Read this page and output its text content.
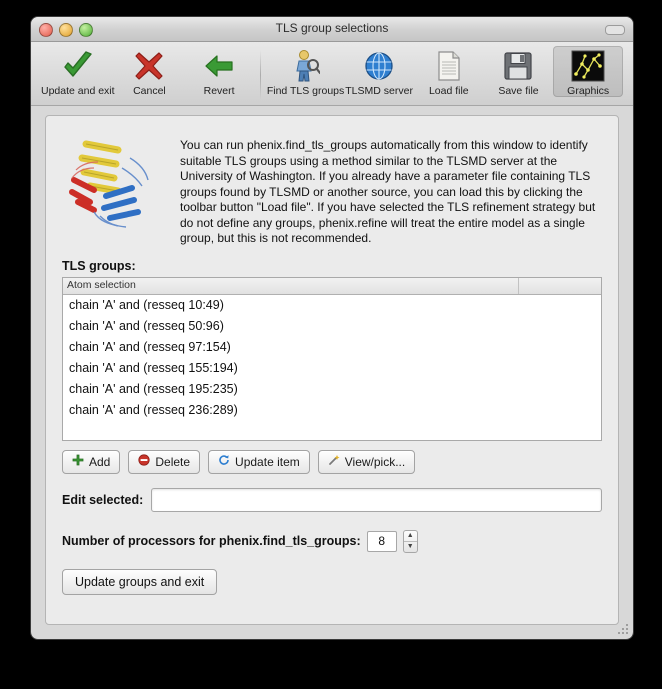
TLS group selections
Update and exit	Cancel	Revert	Find TLS groups TLSMD server	Load file	Save file	Graphics
You can run phenix.find_tls_groups automatically from this window to identify suitable TLS groups using a method similar to the TLSMD server at the University of Washington. If you already have a parameter file containing TLS groups found by TLSMD or another source, you can load this by clicking the toolbar button "Load file". If you have selected the TLS refinement strategy but do not define any groups, phenix.refine will treat the entire model as a single group, but this is not recommended.
TLS groups:
Atom selection
chain 'A' and (resseq 10:49)
chain 'A' and (resseq 50:96)
chain 'A' and (resseq 97:154)
chain 'A' and (resseq 155:194)
chain 'A' and (resseq 195:235)
chain 'A' and (resseq 236:289)
Add	Delete	Update item	View/pick...
Edit selected:
Number of processors for phenix.find_tls_groups:	8	▲
▼
Update groups and exit
